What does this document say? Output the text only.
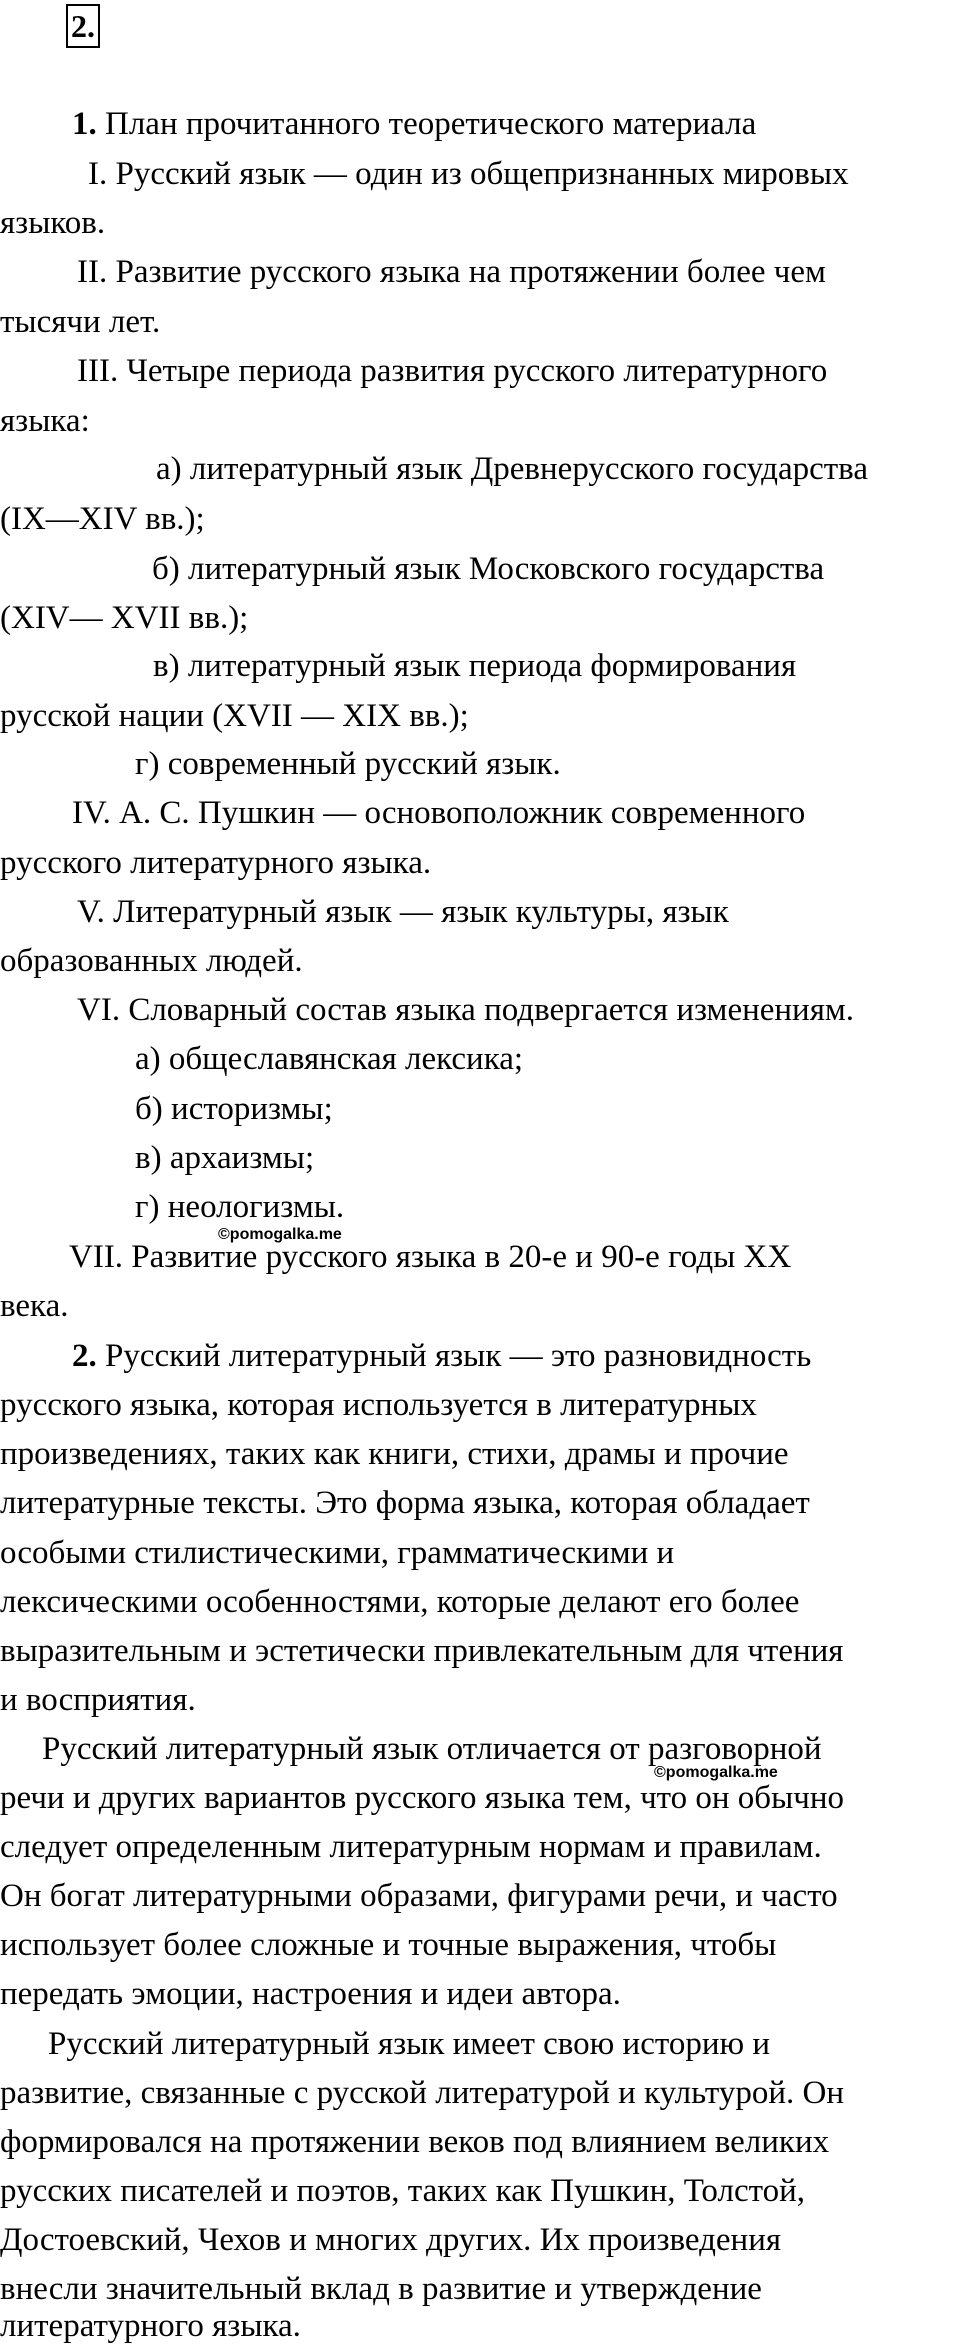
2.
1. План прочитанного теоретического материала
I. Русский язык — один из общепризнанных мировых
языков.
II. Развитие русского языка на протяжении более чем
тысячи лет.
III. Четыре периода развития русского литературного
языка:
а) литературный язык Древнерусского государства
(IX—XIV вв.);
б) литературный язык Московского государства
(XIV— XVII вв.);
в) литературный язык периода формирования
русской нации (XVII — XIX вв.);
г) современный русский язык.
IV. А. С. Пушкин — основоположник современного
русского литературного языка.
V. Литературный язык — язык культуры, язык
образованных людей.
VI. Словарный состав языка подвергается изменениям.
а) общеславянская лексика;
б) историзмы;
в) архаизмы;
г) неологизмы.
©pomogalka.me
VII. Развитие русского языка в 20-е и 90-е годы XX
века.
2. Русский литературный язык — это разновидность
русского языка, которая используется в литературных
произведениях, таких как книги, стихи, драмы и прочие
литературные тексты. Это форма языка, которая обладает
особыми стилистическими, грамматическими и
лексическими особенностями, которые делают его более
выразительным и эстетически привлекательным для чтения
и восприятия.
Русский литературный язык отличается от разговорной
©pomogalka.me
речи и других вариантов русского языка тем, что он обычно
следует определенным литературным нормам и правилам.
Он богат литературными образами, фигурами речи, и часто
использует более сложные и точные выражения, чтобы
передать эмоции, настроения и идеи автора.
Русский литературный язык имеет свою историю и
развитие, связанные с русской литературой и культурой. Он
формировался на протяжении веков под влиянием великих
русских писателей и поэтов, таких как Пушкин, Толстой,
Достоевский, Чехов и многих других. Их произведения
внесли значительный вклад в развитие и утверждение
литературного языка.
